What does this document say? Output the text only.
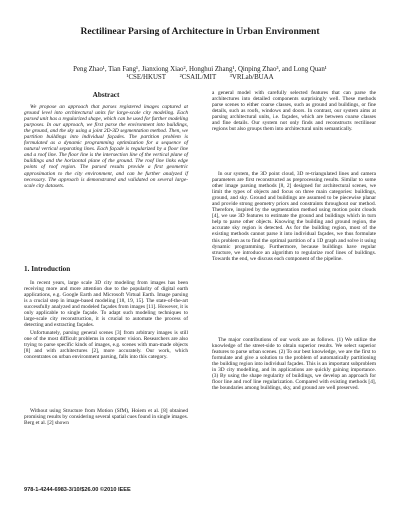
Rectilinear Parsing of Architecture in Urban Environment
Peng Zhao¹, Tian Fang¹, Jianxiong Xiao², Honghui Zhang¹, Qinping Zhao³, and Long Quan¹
¹CSE/HKUST        ²CSAIL/MIT        ³VRLab/BUAA
Abstract

We propose an approach that parses registered images captured at ground level into architectural units for large-scale city modeling. Each parsed unit has a regularized shape, which can be used for further modeling purposes. In our approach, we first parse the environment into buildings, the ground, and the sky using a joint 2D-3D segmentation method. Then, we partition buildings into individual façades. The partition problem is formulated as a dynamic programming optimization for a sequence of natural vertical separating lines. Each façade is regularized by a floor line and a roof line. The floor line is the intersection line of the vertical plane of buildings and the horizontal plane of the ground. The roof line links edge points of roof region. The parsed results provide a first geometric approximation to the city environment, and can be further analyzed if necessary. The approach is demonstrated and validated on several large-scale city datasets.

1. Introduction

In recent years, large scale 3D city modeling from images has been receiving more and more attention due to the popularity of digital earth applications, e.g. Google Earth and Microsoft Virtual Earth. Image parsing is a crucial step in image-based modeling [18, 19, 15]. The state-of-the-art successfully analyzed and modeled façades from images [11]. However, it is only applicable to single façade. To adapt such modeling techniques to large-scale city reconstruction, it is crucial to automate the process of detecting and extracting façades.

Unfortunately, parsing general scenes [3] from arbitrary images is still one of the most difficult problems in computer vision. Researchers are also trying to parse specific kinds of images, e.g. scenes with man-made objects [8] and with architectures [2], more accurately. Our work, which concentrates on urban environment parsing, falls into this category.

Without using Structure from Motion (SfM), Hoiem et al. [8] obtained promising results by considering several spatial cues found in single images. Berg et al. [2] shown

a general model with carefully selected features that can parse the architectures into detailed components surprisingly well. These methods parse scenes to either coarse classes, such as ground and buildings, or fine details, such as roofs, windows and doors. In contrast, our system aims at parsing architectural units, i.e. façades, which are between coarse classes and fine details. Our system not only finds and reconstructs rectilinear regions but also groups them into architectural units semantically.

In our system, the 3D point cloud, 3D re-triangulated lines and camera parameters are first reconstructed as preprocessing results. Similar to some other image parsing methods [8, 2] designed for architectural scenes, we limit the types of objects and focus on three main categories: buildings, ground, and sky. Ground and buildings are assumed to be piecewise planar and provide strong geometry priors and constraints throughout our method. Therefore, inspired by the segmentation method using motion point clouds [4], we use 3D features to estimate the ground and buildings which in turn help to parse other objects. Knowing the building and ground region, the accurate sky region is detected. As for the building region, most of the existing methods cannot parse it into individual façades, we thus formulate this problem as to find the optimal partition of a 1D graph and solve it using dynamic programming. Furthermore, because buildings have regular structure, we introduce an algorithm to regularize roof lines of buildings. Towards the end, we discuss each component of the pipeline.

The major contributions of our work are as follows. (1) We utilize the knowledge of the street-side to obtain superior results. We select superior features to parse urban scenes. (2) To our best knowledge, we are the first to formulate and give a solution to the problem of automatically partitioning the building region into individual façades. This is an important subproblem in 3D city modelling, and its applications are quickly gaining importance. (3) By using the shape regularity of buildings, we develop an approach for floor line and roof line regularization. Compared with existing methods [4], the boundaries among buildings, sky, and ground are well preserved.

978-1-4244-6983-3/10/$26.00 ©2010 IEEE
